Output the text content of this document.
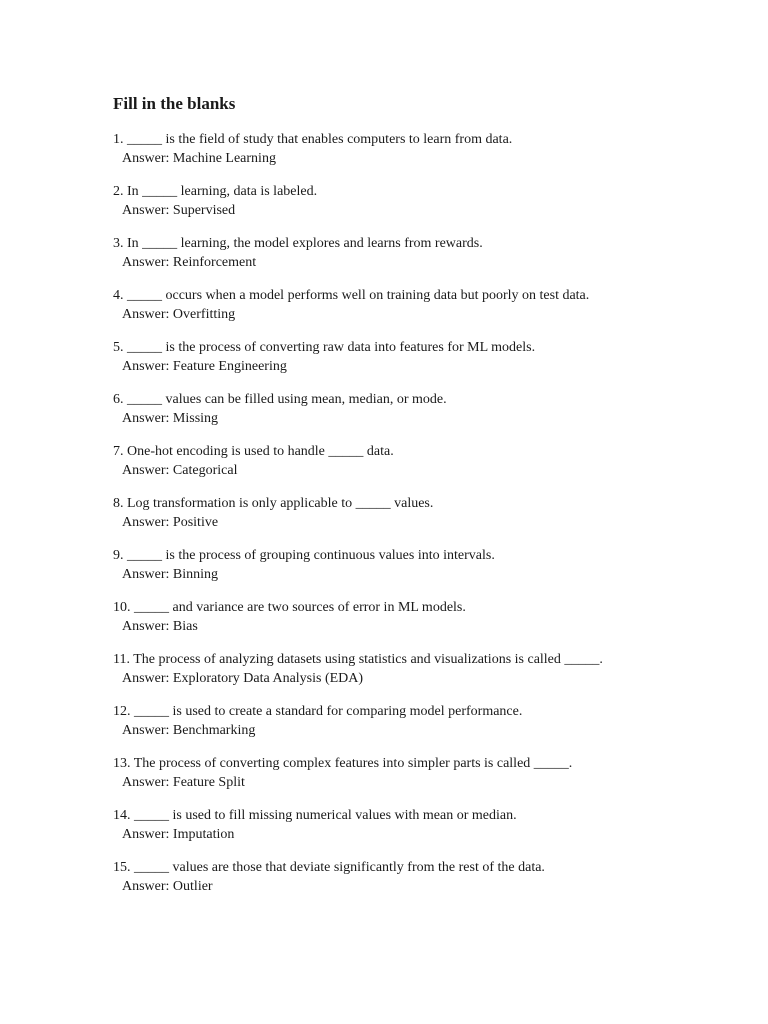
Fill in the blanks
1. _____ is the field of study that enables computers to learn from data.
Answer: Machine Learning
2. In _____ learning, data is labeled.
Answer: Supervised
3. In _____ learning, the model explores and learns from rewards.
Answer: Reinforcement
4. _____ occurs when a model performs well on training data but poorly on test data.
Answer: Overfitting
5. _____ is the process of converting raw data into features for ML models.
Answer: Feature Engineering
6. _____ values can be filled using mean, median, or mode.
Answer: Missing
7. One-hot encoding is used to handle _____ data.
Answer: Categorical
8. Log transformation is only applicable to _____ values.
Answer: Positive
9. _____ is the process of grouping continuous values into intervals.
Answer: Binning
10. _____ and variance are two sources of error in ML models.
Answer: Bias
11. The process of analyzing datasets using statistics and visualizations is called _____.
Answer: Exploratory Data Analysis (EDA)
12. _____ is used to create a standard for comparing model performance.
Answer: Benchmarking
13. The process of converting complex features into simpler parts is called _____.
Answer: Feature Split
14. _____ is used to fill missing numerical values with mean or median.
Answer: Imputation
15. _____ values are those that deviate significantly from the rest of the data.
Answer: Outlier
